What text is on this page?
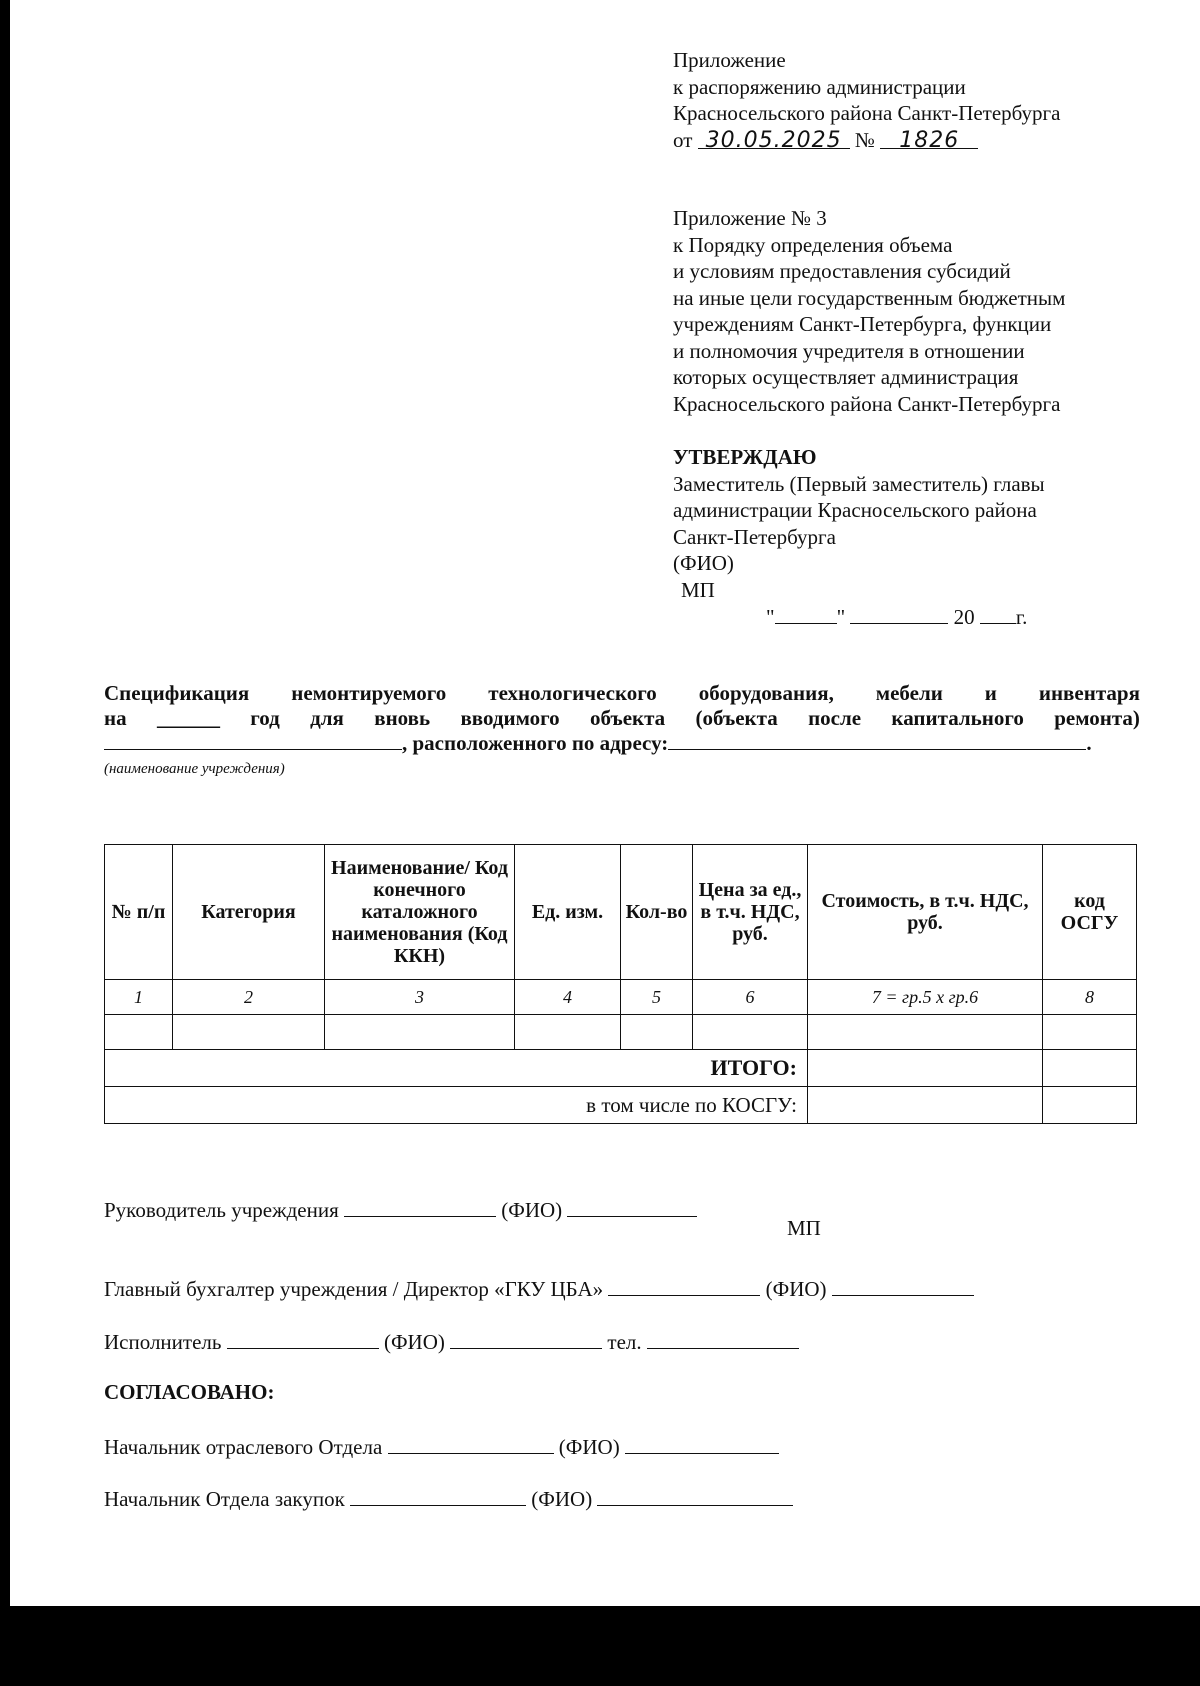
Приложение
к распоряжению администрации
Красносельского района Санкт-Петербурга
от 30.05.2025 № 1826
Приложение № 3
к Порядку определения объема
и условиям предоставления субсидий
на иные цели государственным бюджетным
учреждениям Санкт-Петербурга, функции
и полномочия учредителя в отношении
которых осуществляет администрация
Красносельского района Санкт-Петербурга
УТВЕРЖДАЮ
Заместитель (Первый заместитель) главы
администрации Красносельского района
Санкт-Петербурга
(ФИО)
МП
"	"	20 г.
Спецификация немонтируемого технологического оборудования, мебели и инвентаря
на ______ год для вновь вводимого объекта (объекта после капитального ремонта)
, расположенного по адресу:	.
(наименование учреждения)
№ п/п	Категория	Наименование/ Код конечного каталожного наименования (Код ККН)	Ед. изм.	Кол-во	Цена за ед., в т.ч. НДС, руб.	Стоимость, в т.ч. НДС, руб.	код ОСГУ
1	2	3	4	5	6	7 = гр.5 х гр.6	8

ИТОГО:							
в том числе по КОСГУ:							
Руководитель учреждения	(ФИО)
МП
Главный бухгалтер учреждения / Директор «ГКУ ЦБА»	(ФИО)
Исполнитель	(ФИО)	тел.
СОГЛАСОВАНО:
Начальник отраслевого Отдела	(ФИО)
Начальник Отдела закупок	(ФИО)
